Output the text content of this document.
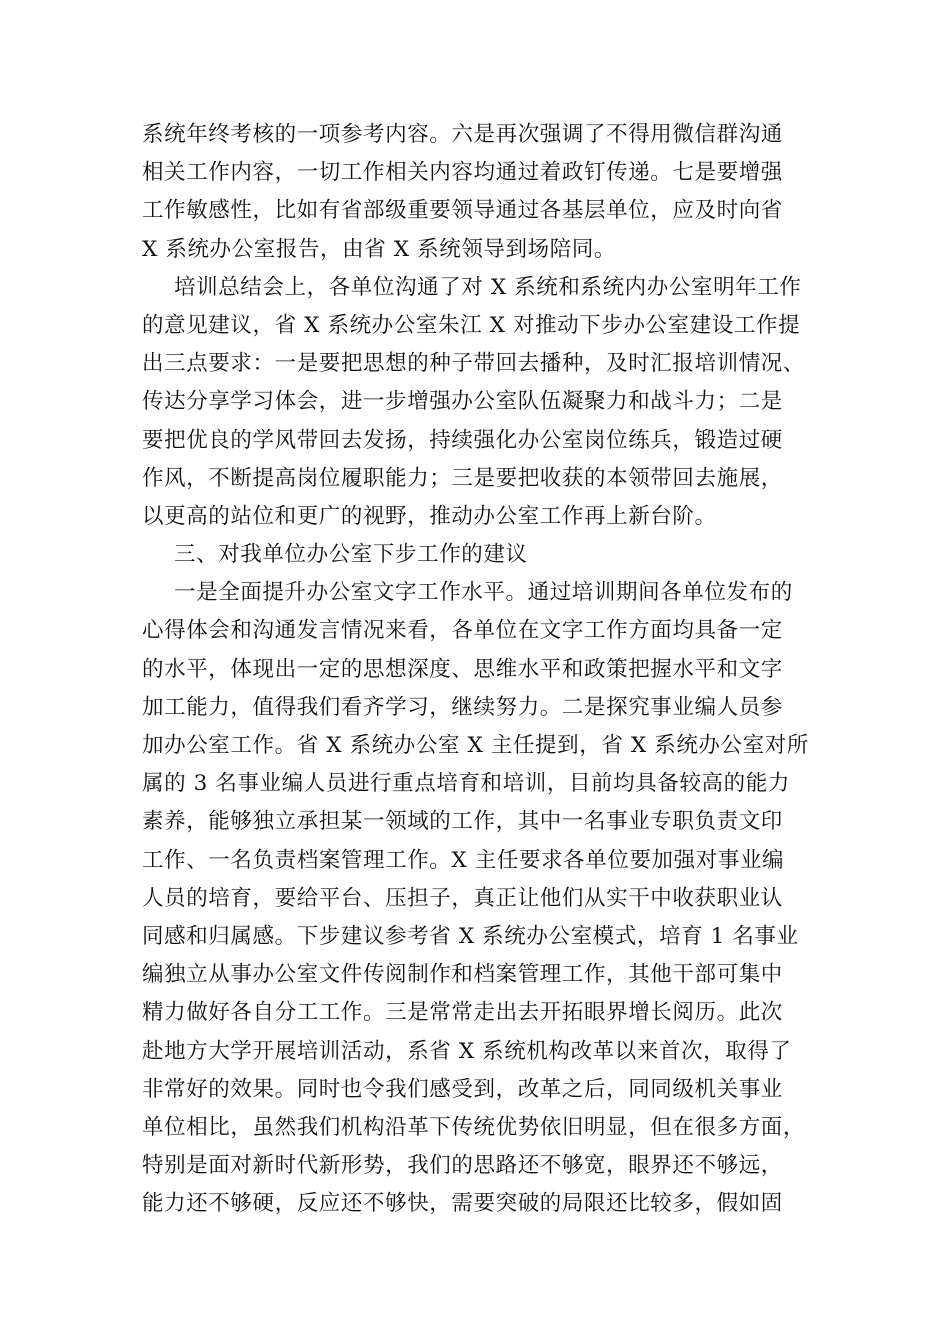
系统年终考核的一项参考内容。六是再次强调了不得用微信群沟通
相关工作内容，一切工作相关内容均通过着政钉传递。七是要增强
工作敏感性，比如有省部级重要领导通过各基层单位，应及时向省
X 系统办公室报告，由省 X 系统领导到场陪同。
培训总结会上，各单位沟通了对 X 系统和系统内办公室明年工作
的意见建议，省 X 系统办公室朱江 X 对推动下步办公室建设工作提
出三点要求：一是要把思想的种子带回去播种，及时汇报培训情况、
传达分享学习体会，进一步增强办公室队伍凝聚力和战斗力；二是
要把优良的学风带回去发扬，持续强化办公室岗位练兵，锻造过硬
作风，不断提高岗位履职能力；三是要把收获的本领带回去施展，
以更高的站位和更广的视野，推动办公室工作再上新台阶。
三、对我单位办公室下步工作的建议
一是全面提升办公室文字工作水平。通过培训期间各单位发布的
心得体会和沟通发言情况来看，各单位在文字工作方面均具备一定
的水平，体现出一定的思想深度、思维水平和政策把握水平和文字
加工能力，值得我们看齐学习，继续努力。二是探究事业编人员参
加办公室工作。省 X 系统办公室 X 主任提到，省 X 系统办公室对所
属的 3 名事业编人员进行重点培育和培训，目前均具备较高的能力
素养，能够独立承担某一领域的工作，其中一名事业专职负责文印
工作、一名负责档案管理工作。X 主任要求各单位要加强对事业编
人员的培育，要给平台、压担子，真正让他们从实干中收获职业认
同感和归属感。下步建议参考省 X 系统办公室模式，培育 1 名事业
编独立从事办公室文件传阅制作和档案管理工作，其他干部可集中
精力做好各自分工工作。三是常常走出去开拓眼界增长阅历。此次
赴地方大学开展培训活动，系省 X 系统机构改革以来首次，取得了
非常好的效果。同时也令我们感受到，改革之后，同同级机关事业
单位相比，虽然我们机构沿革下传统优势依旧明显，但在很多方面，
特别是面对新时代新形势，我们的思路还不够宽，眼界还不够远，
能力还不够硬，反应还不够快，需要突破的局限还比较多，假如固
